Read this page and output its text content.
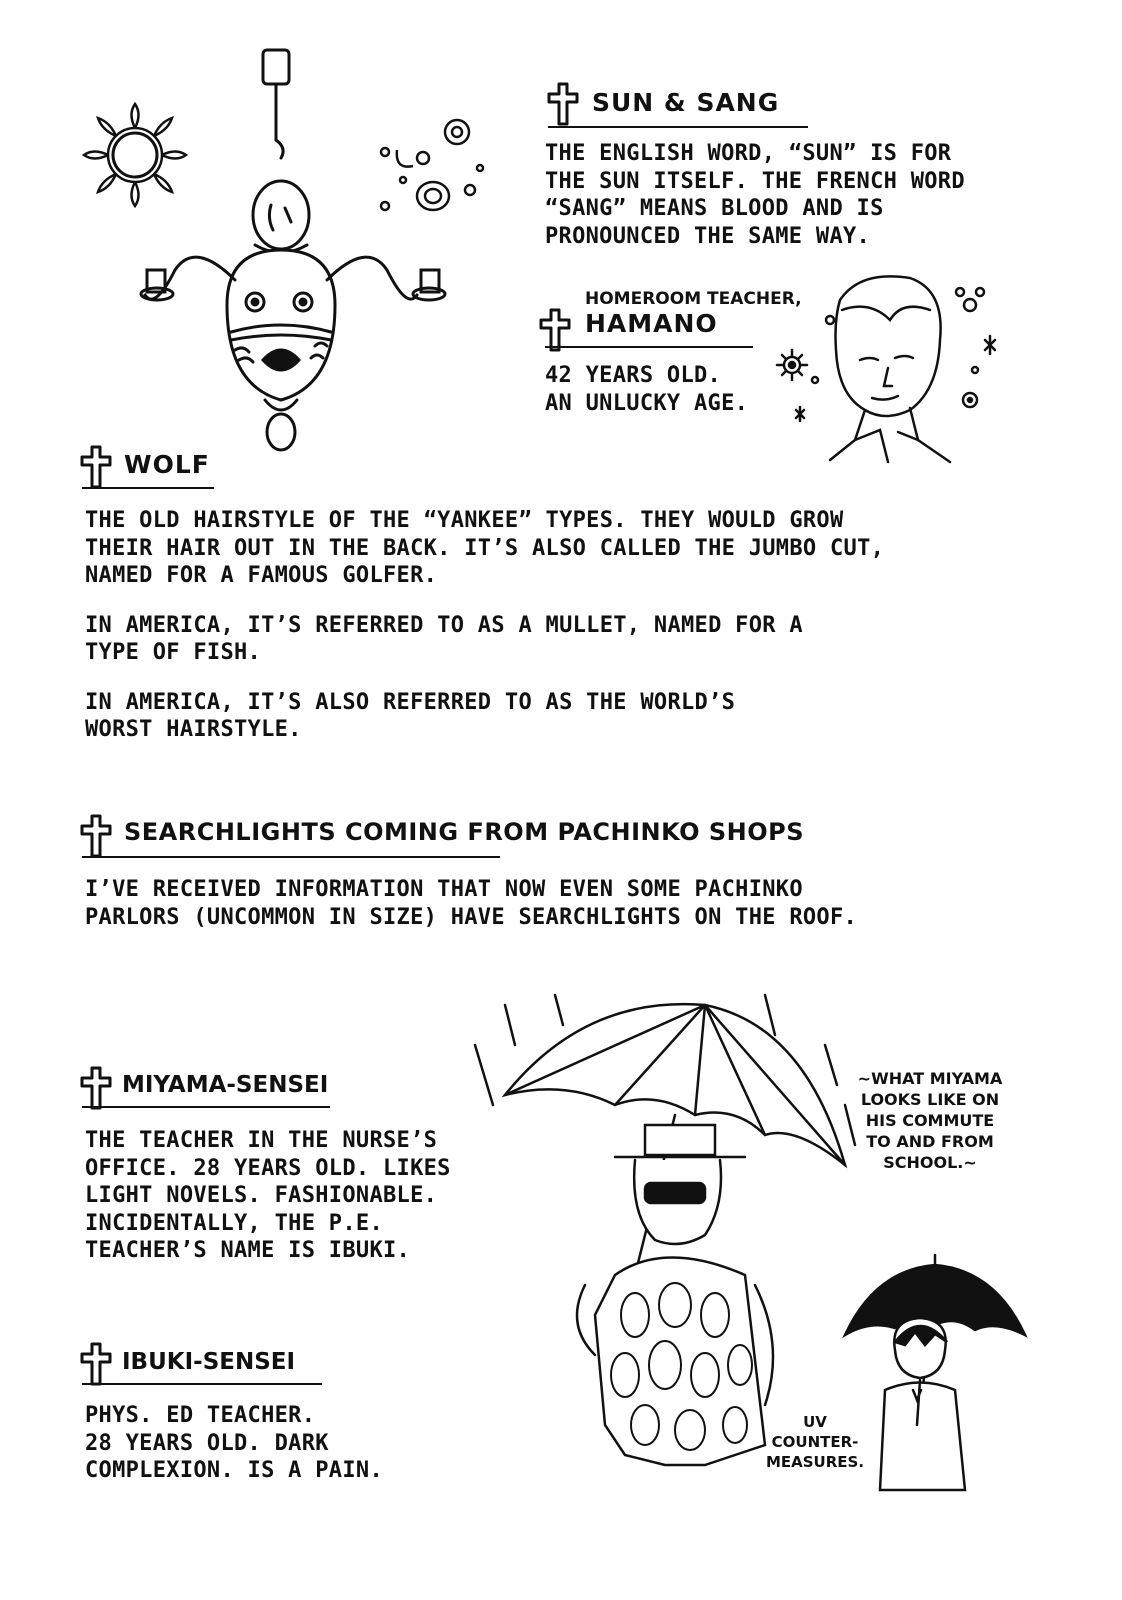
SUN & SANG
THE ENGLISH WORD, “SUN” IS FOR
THE SUN ITSELF. THE FRENCH WORD
“SANG” MEANS BLOOD AND IS
PRONOUNCED THE SAME WAY.
HOMEROOM TEACHER,
HAMANO
42 YEARS OLD.
AN UNLUCKY AGE.
WOLF
THE OLD HAIRSTYLE OF THE “YANKEE” TYPES. THEY WOULD GROW
THEIR HAIR OUT IN THE BACK. IT’S ALSO CALLED THE JUMBO CUT,
NAMED FOR A FAMOUS GOLFER.
IN AMERICA, IT’S REFERRED TO AS A MULLET, NAMED FOR A
TYPE OF FISH.
IN AMERICA, IT’S ALSO REFERRED TO AS THE WORLD’S
WORST HAIRSTYLE.
SEARCHLIGHTS COMING FROM PACHINKO SHOPS
I’VE RECEIVED INFORMATION THAT NOW EVEN SOME PACHINKO
PARLORS (UNCOMMON IN SIZE) HAVE SEARCHLIGHTS ON THE ROOF.
MIYAMA-SENSEI
THE TEACHER IN THE NURSE’S
OFFICE. 28 YEARS OLD. LIKES
LIGHT NOVELS. FASHIONABLE.
INCIDENTALLY, THE P.E.
TEACHER’S NAME IS IBUKI.
IBUKI-SENSEI
PHYS. ED TEACHER.
28 YEARS OLD. DARK
COMPLEXION. IS A PAIN.
~WHAT MIYAMA
LOOKS LIKE ON
HIS COMMUTE
TO AND FROM
SCHOOL.~
UV
COUNTER-
MEASURES.
